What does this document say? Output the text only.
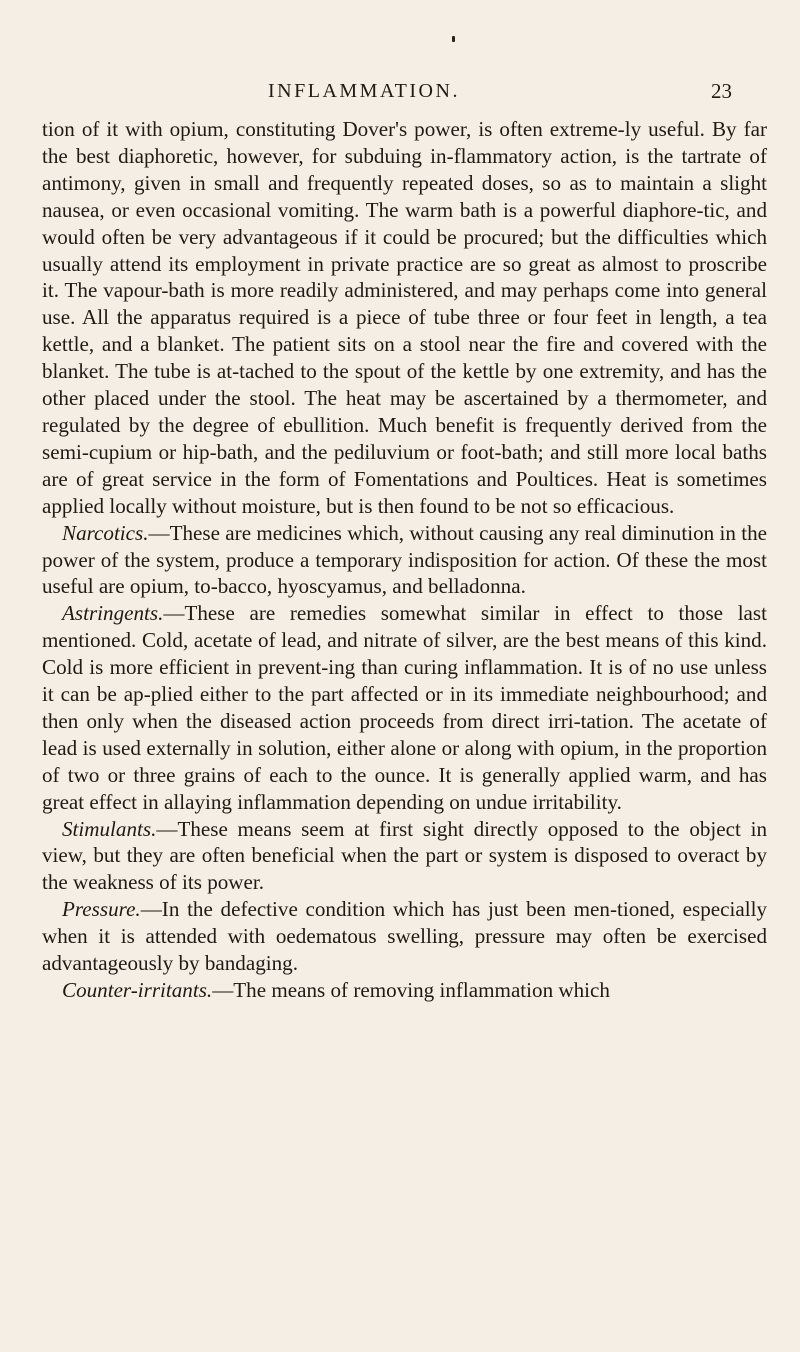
INFLAMMATION.	23

tion of it with opium, constituting Dover's power, is often extreme-ly useful. By far the best diaphoretic, however, for subduing in-flammatory action, is the tartrate of antimony, given in small and frequently repeated doses, so as to maintain a slight nausea, or even occasional vomiting. The warm bath is a powerful diaphore-tic, and would often be very advantageous if it could be procured; but the difficulties which usually attend its employment in private practice are so great as almost to proscribe it. The vapour-bath is more readily administered, and may perhaps come into general use. All the apparatus required is a piece of tube three or four feet in length, a tea kettle, and a blanket. The patient sits on a stool near the fire and covered with the blanket. The tube is at-tached to the spout of the kettle by one extremity, and has the other placed under the stool. The heat may be ascertained by a thermometer, and regulated by the degree of ebullition. Much benefit is frequently derived from the semi-cupium or hip-bath, and the pediluvium or foot-bath; and still more local baths are of great service in the form of Fomentations and Poultices. Heat is sometimes applied locally without moisture, but is then found to be not so efficacious.

Narcotics.—These are medicines which, without causing any real diminution in the power of the system, produce a temporary indisposition for action. Of these the most useful are opium, to-bacco, hyoscyamus, and belladonna.

Astringents.—These are remedies somewhat similar in effect to those last mentioned. Cold, acetate of lead, and nitrate of silver, are the best means of this kind. Cold is more efficient in prevent-ing than curing inflammation. It is of no use unless it can be ap-plied either to the part affected or in its immediate neighbourhood; and then only when the diseased action proceeds from direct irri-tation. The acetate of lead is used externally in solution, either alone or along with opium, in the proportion of two or three grains of each to the ounce. It is generally applied warm, and has great effect in allaying inflammation depending on undue irritability.

Stimulants.—These means seem at first sight directly opposed to the object in view, but they are often beneficial when the part or system is disposed to overact by the weakness of its power.

Pressure.—In the defective condition which has just been men-tioned, especially when it is attended with oedematous swelling, pressure may often be exercised advantageously by bandaging.

Counter-irritants.—The means of removing inflammation which
